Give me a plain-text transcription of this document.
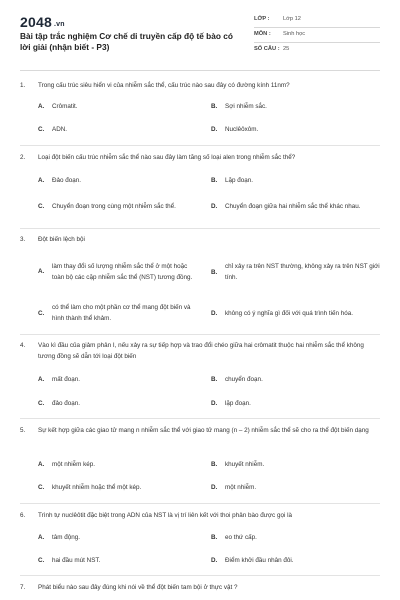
2048 .vn
Bài tập trắc nghiệm Cơ chế di truyền cấp độ tế bào có lời giải (nhận biết - P3)
LỚP : Lớp 12
MÔN : Sinh học
SỐ CÂU : 25
1.	Trong cấu trúc siêu hiển vi của nhiễm sắc thể, cấu trúc nào sau đây có đường kính 11nm?
A.	Crômatit.	B.	Sợi nhiễm sắc.
C.	ADN.	D.	Nuclêôxôm.
2.	Loại đột biến cấu trúc nhiễm sắc thể nào sau đây làm tăng số loại alen trong nhiễm sắc thể?
A.	Đảo đoạn.	B.	Lặp đoạn.
C.	Chuyển đoạn trong cùng một nhiễm sắc thể.	D.	Chuyển đoạn giữa hai nhiễm sắc thể khác nhau.
3.	Đột biến lệch bội
A.
làm thay đổi số lượng nhiễm sắc thể ở một hoặc toàn bộ các cặp nhiễm sắc thể (NST) tương đồng.
B.
chỉ xảy ra trên NST thường, không xảy ra trên NST giới tính.
C.
có thể làm cho một phần cơ thể mang đột biến và hình thành thể khảm.
D.	không có ý nghĩa gì đối với quá trình tiến hóa.
4.	Vào kì đầu của giảm phân I, nếu xảy ra sự tiếp hợp và trao đổi chéo giữa hai crômatit thuộc hai nhiễm sắc thể không tương đồng sẽ dẫn tới loại đột biến
A.	mất đoạn.	B.	chuyển đoạn.
C.	đảo đoạn.	D.	lặp đoạn.
5.	Sự kết hợp giữa các giao tử mang n nhiễm sắc thể với giao tử mang (n – 2) nhiễm sắc thể sẽ cho ra thể đột biến dạng
A.	một nhiễm kép.	B.	khuyết nhiễm.
C.	khuyết nhiễm hoặc thể một kép.	D.	một nhiễm.
6.	Trình tự nuclêôtit đặc biệt trong ADN của NST là vị trí liên kết với thoi phân bào được gọi là
A.	tâm động.	B.	eo thứ cấp.
C.	hai đầu mút NST.	D.	Điểm khởi đầu nhân đôi.
7.	Phát biểu nào sau đây đúng khi nói về thể đột biến tam bội ở thực vật ?
